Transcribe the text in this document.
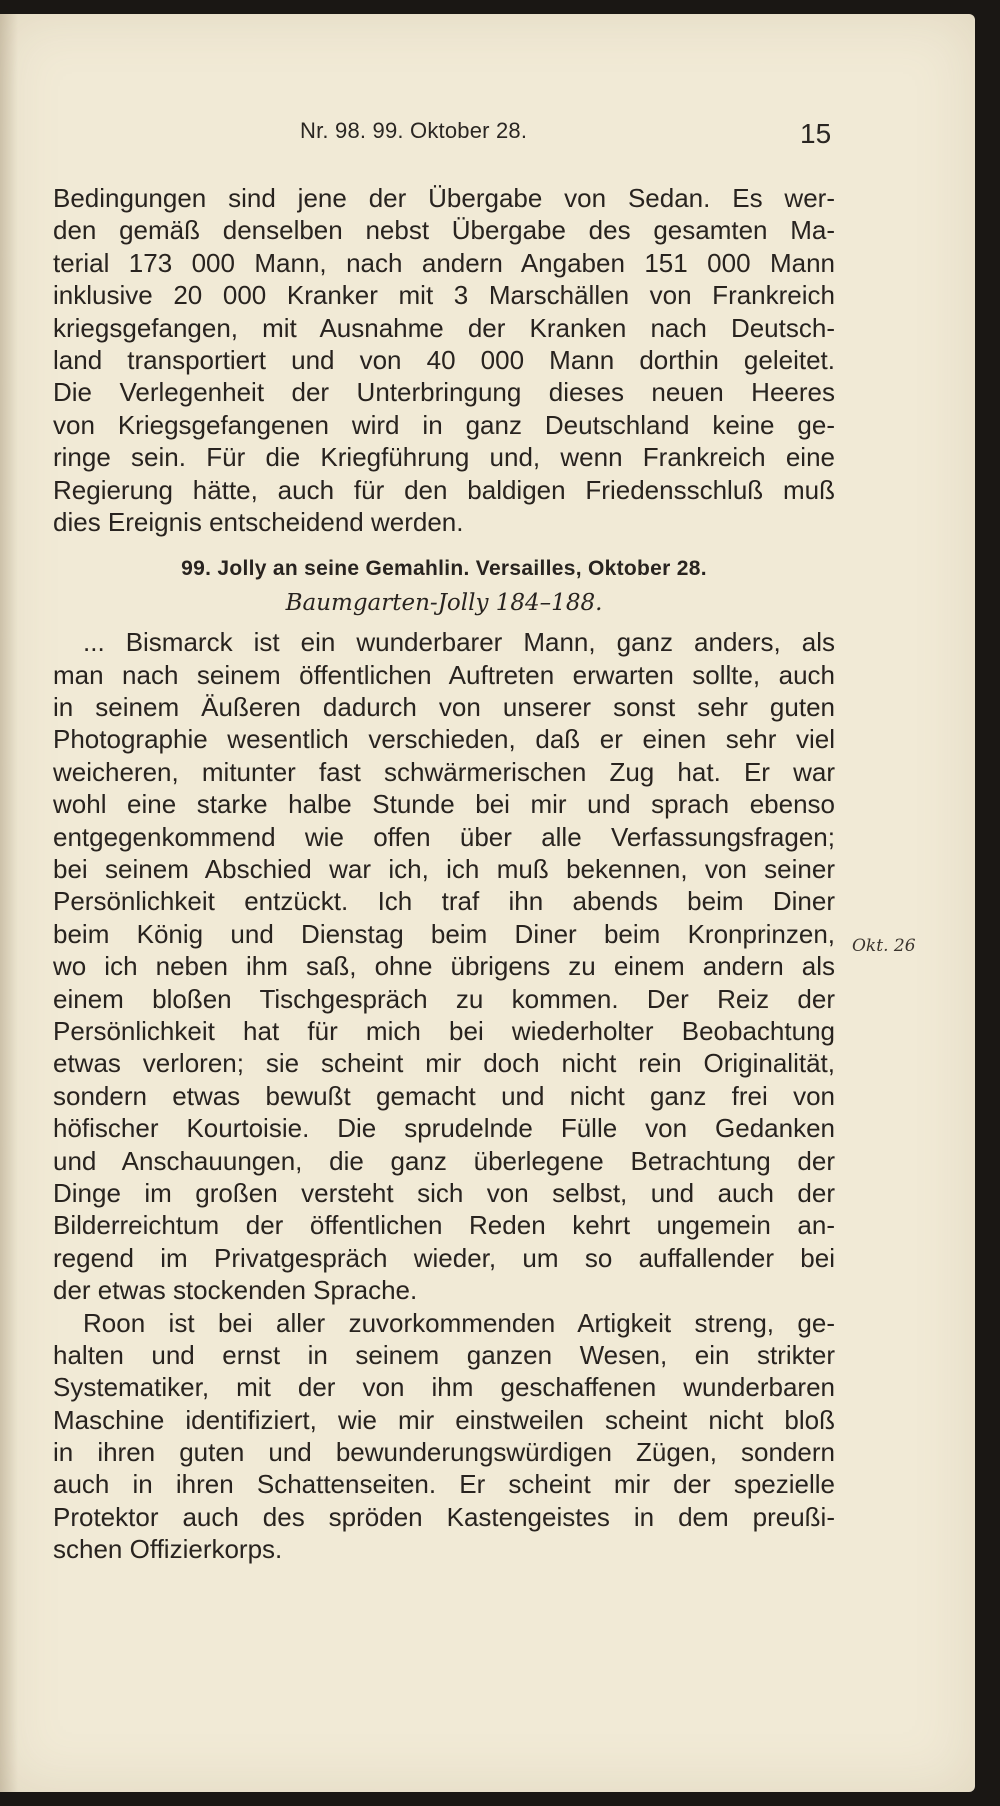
Nr. 98. 99. Oktober 28.	15
Bedingungen sind jene der Übergabe von Sedan. Es wer-
den gemäß denselben nebst Übergabe des gesamten Ma-
terial 173 000 Mann, nach andern Angaben 151 000 Mann
inklusive 20 000 Kranker mit 3 Marschällen von Frankreich
kriegsgefangen, mit Ausnahme der Kranken nach Deutsch-
land transportiert und von 40 000 Mann dorthin geleitet.
Die Verlegenheit der Unterbringung dieses neuen Heeres
von Kriegsgefangenen wird in ganz Deutschland keine ge-
ringe sein. Für die Kriegführung und, wenn Frankreich eine
Regierung hätte, auch für den baldigen Friedensschluß muß
dies Ereignis entscheidend werden.
99. Jolly an seine Gemahlin. Versailles, Oktober 28.
Baumgarten-Jolly 184–188.
... Bismarck ist ein wunderbarer Mann, ganz anders, als
man nach seinem öffentlichen Auftreten erwarten sollte, auch
in seinem Äußeren dadurch von unserer sonst sehr guten
Photographie wesentlich verschieden, daß er einen sehr viel
weicheren, mitunter fast schwärmerischen Zug hat. Er war
wohl eine starke halbe Stunde bei mir und sprach ebenso
entgegenkommend wie offen über alle Verfassungsfragen;
bei seinem Abschied war ich, ich muß bekennen, von seiner
Persönlichkeit entzückt. Ich traf ihn abends beim Diner
beim König und Dienstag beim Diner beim Kronprinzen,
wo ich neben ihm saß, ohne übrigens zu einem andern als
einem bloßen Tischgespräch zu kommen. Der Reiz der
Persönlichkeit hat für mich bei wiederholter Beobachtung
etwas verloren; sie scheint mir doch nicht rein Originalität,
sondern etwas bewußt gemacht und nicht ganz frei von
höfischer Kourtoisie. Die sprudelnde Fülle von Gedanken
und Anschauungen, die ganz überlegene Betrachtung der
Dinge im großen versteht sich von selbst, und auch der
Bilderreichtum der öffentlichen Reden kehrt ungemein an-
regend im Privatgespräch wieder, um so auffallender bei
der etwas stockenden Sprache.
Roon ist bei aller zuvorkommenden Artigkeit streng, ge-
halten und ernst in seinem ganzen Wesen, ein strikter
Systematiker, mit der von ihm geschaffenen wunderbaren
Maschine identifiziert, wie mir einstweilen scheint nicht bloß
in ihren guten und bewunderungswürdigen Zügen, sondern
auch in ihren Schattenseiten. Er scheint mir der spezielle
Protektor auch des spröden Kastengeistes in dem preußi-
schen Offizierkorps.
Okt. 26
